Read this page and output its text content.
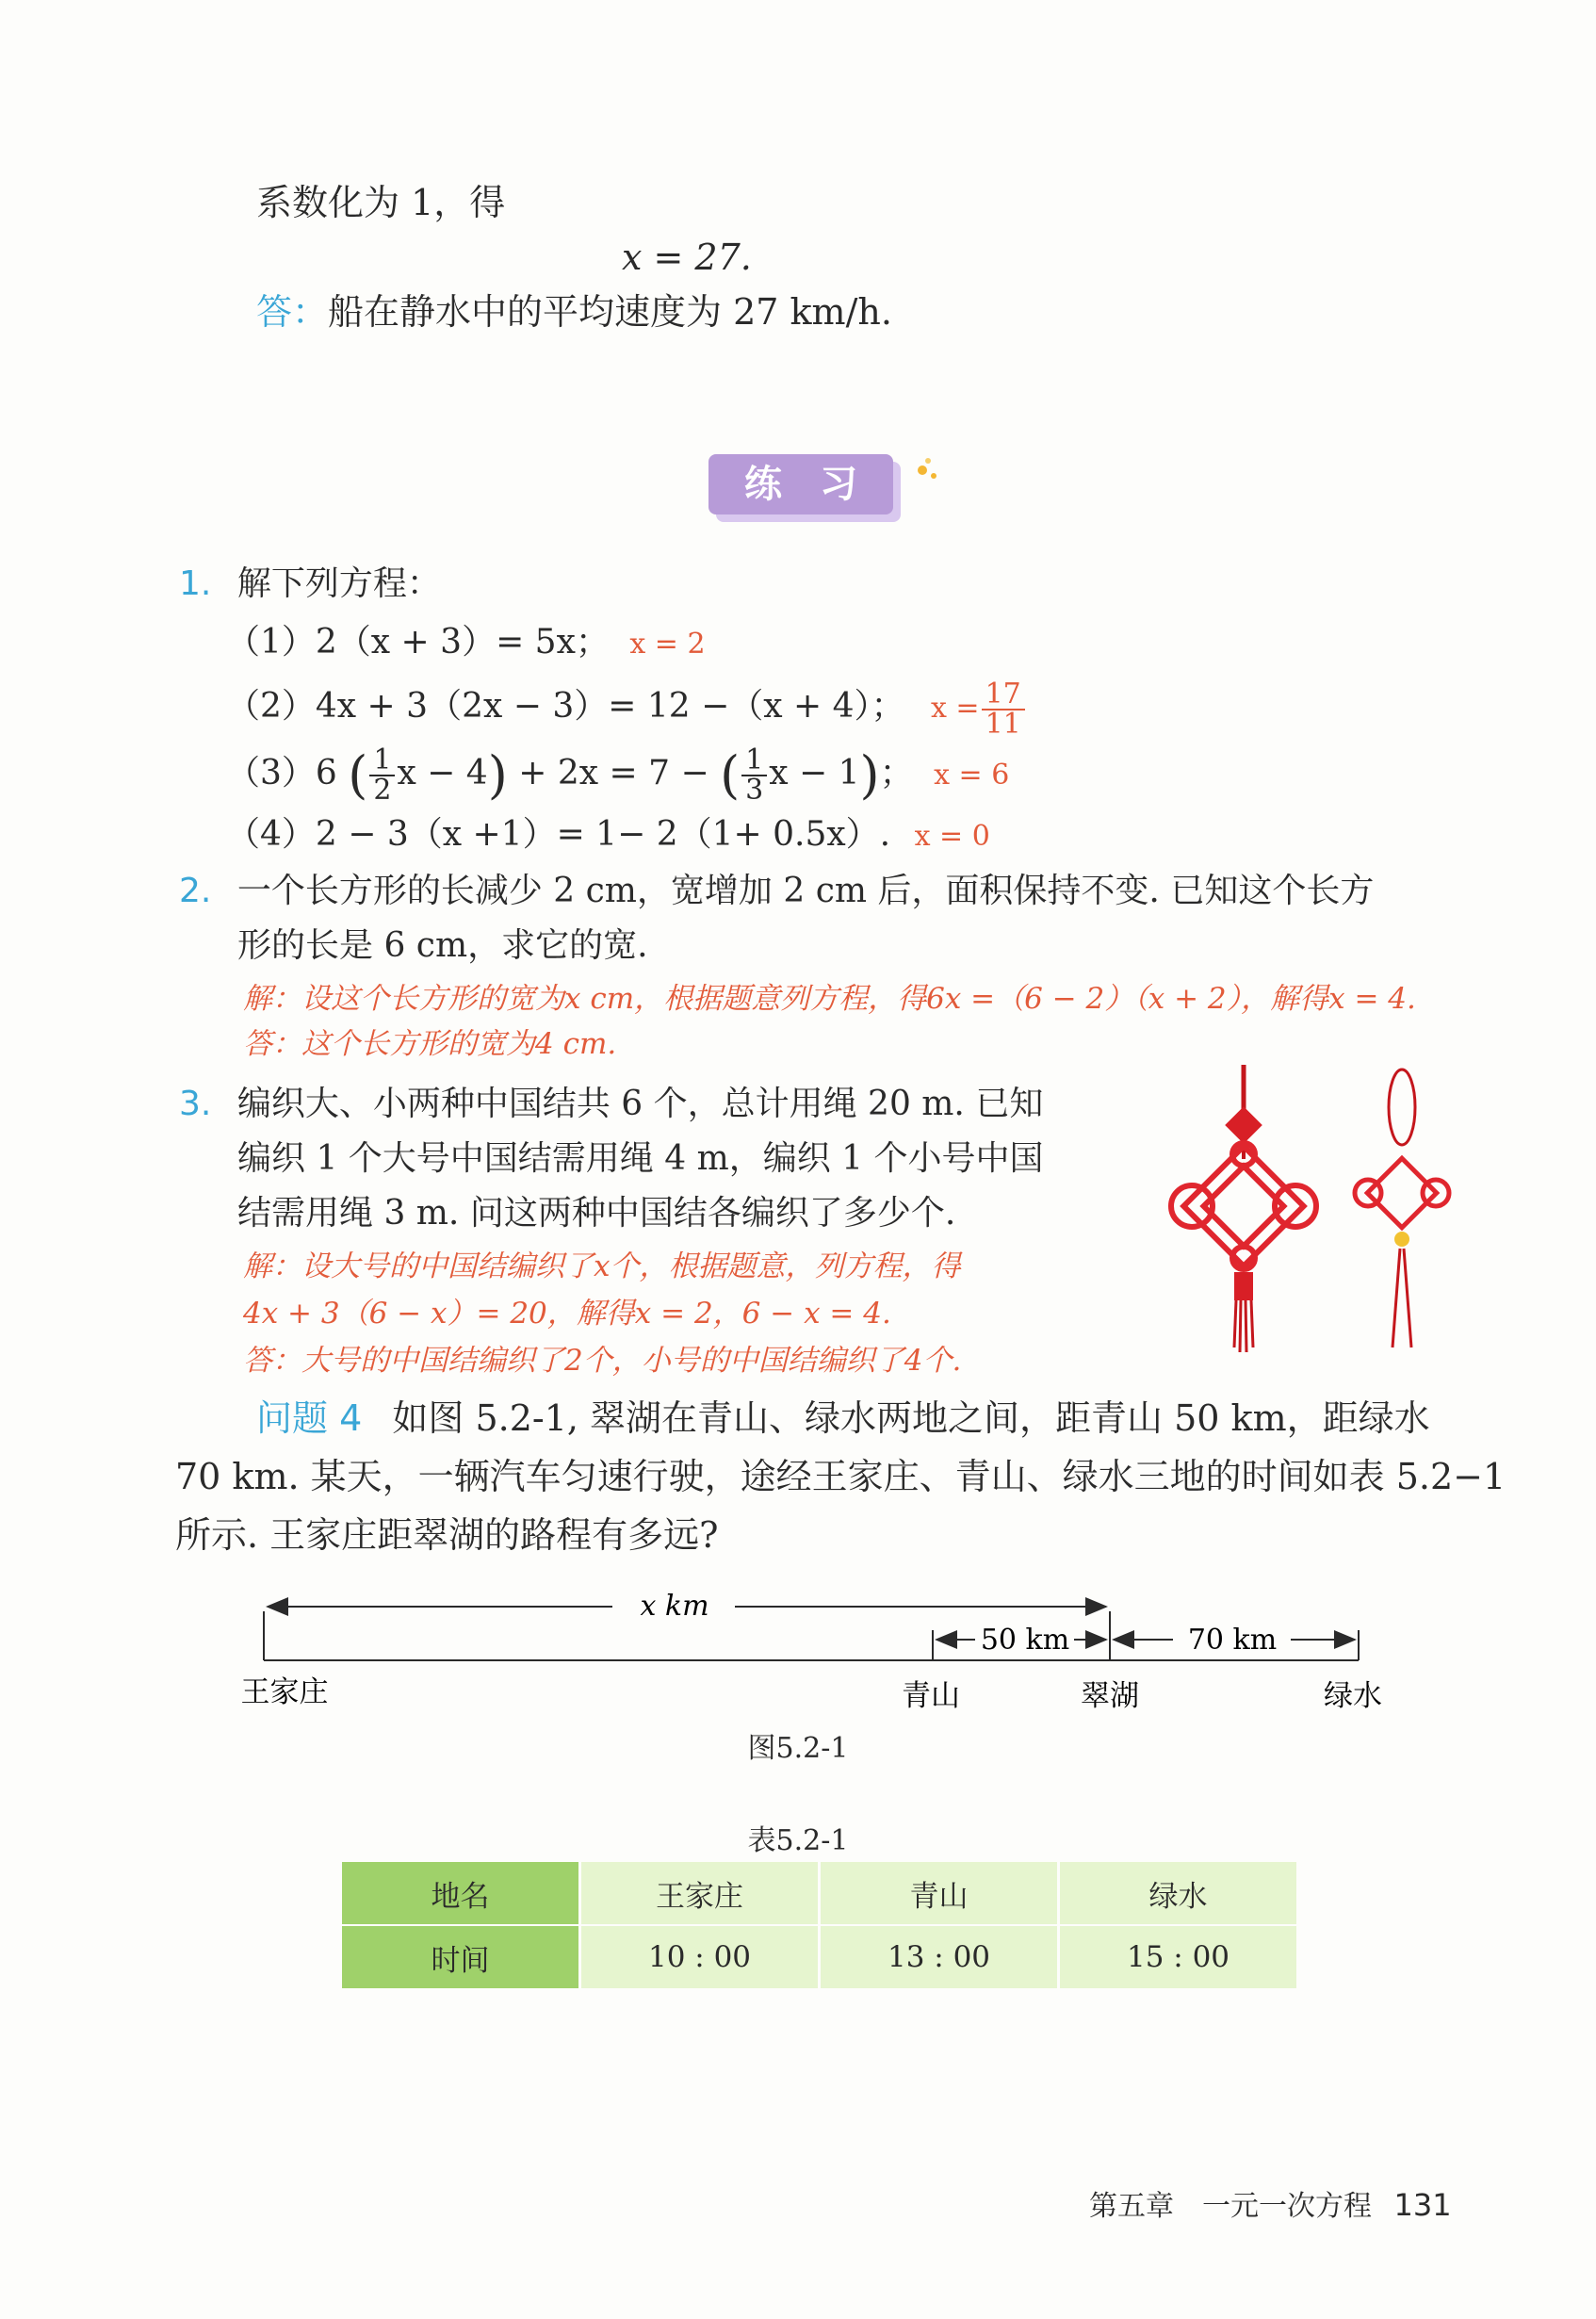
系数化为 1，得
x = 27.
答：船在静水中的平均速度为 27 km/h.
练　习
1. 解下列方程：
（1）2（x + 3）= 5x； x = 2
（2）4x + 3（2x − 3）= 12 −（x + 4）； $x = \frac{17}{11}$
（3）6 ( $\frac{1}{2}$ x − 4) + 2x = 7 − ( $\frac{1}{3}$ x − 1)； x = 6
（4）2 − 3（x +1）= 1− 2（1+ 0.5x）. x = 0
2. 一个长方形的长减少 2 cm，宽增加 2 cm 后，面积保持不变. 已知这个长方
形的长是 6 cm，求它的宽.
解：设这个长方形的宽为x cm，根据题意列方程，得6x =（6 − 2）（x + 2），解得x = 4.
答：这个长方形的宽为4 cm.
3. 编织大、小两种中国结共 6 个，总计用绳 20 m. 已知
编织 1 个大号中国结需用绳 4 m，编织 1 个小号中国
结需用绳 3 m. 问这两种中国结各编织了多少个.
解：设大号的中国结编织了x个，根据题意，列方程，得
4x + 3（6 − x）= 20，解得x = 2，6 − x = 4.
答：大号的中国结编织了2个，小号的中国结编织了4个.
问题 4 如图 5.2-1, 翠湖在青山、绿水两地之间，距青山 50 km，距绿水
70 km. 某天，一辆汽车匀速行驶，途经王家庄、青山、绿水三地的时间如表 5.2−1
所示. 王家庄距翠湖的路程有多远?
x km
50 km	70 km
王家庄	青山	翠湖	绿水
图5.2-1
表5.2-1
地名	王家庄	青山	绿水
时间	10 : 00	13 : 00	15 : 00
第五章　一元一次方程 131
